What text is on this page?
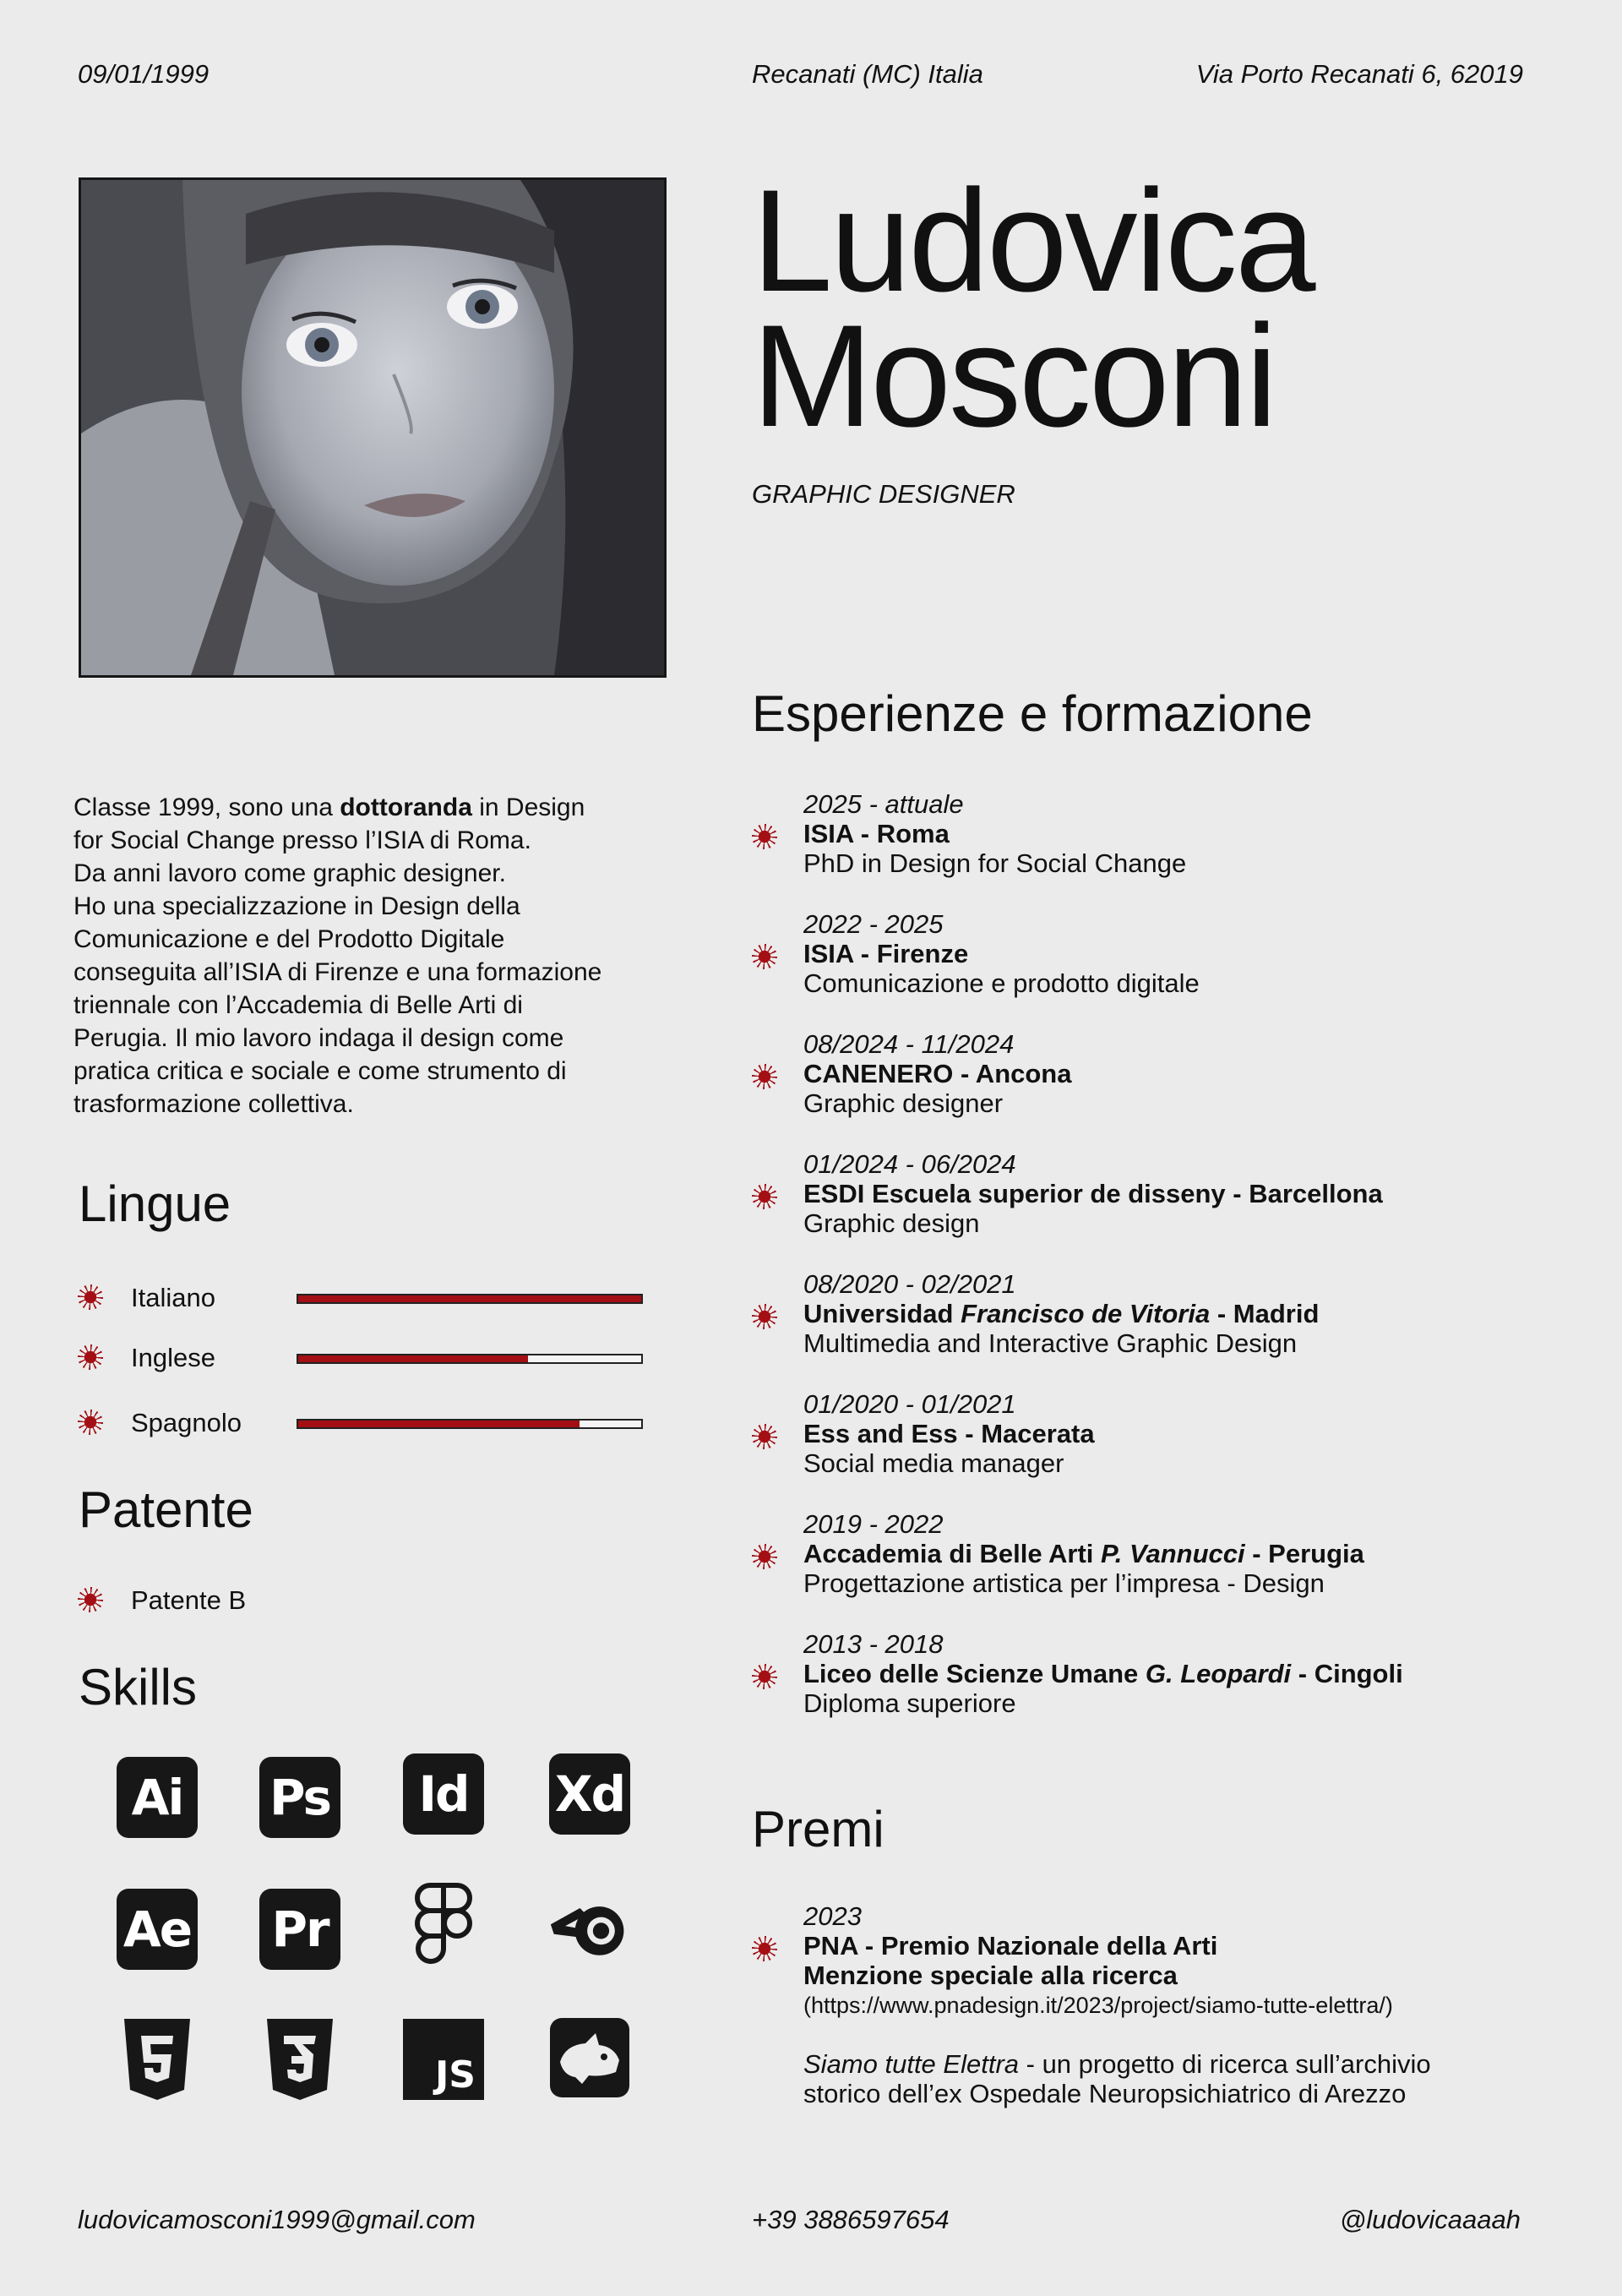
09/01/1999	Recanati (MC) Italia	Via Porto Recanati 6, 62019
Ludovica
Mosconi
GRAPHIC DESIGNER

Classe 1999, sono una dottoranda in Design

for Social Change presso l’ISIA di Roma.

Da anni lavoro come graphic designer.

Ho una specializzazione in Design della

Comunicazione e del Prodotto Digitale

conseguita all’ISIA di Firenze e una formazione

triennale con l’Accademia di Belle Arti di

Perugia. Il mio lavoro indaga il design come

pratica critica e sociale e come strumento di

trasformazione collettiva.

Lingue
Italiano
Inglese
Spagnolo
Patente
Patente B
Skills
Ai	Ps	Id	Xd
Ae Pr
JS
Esperienze e formazione
2025 - attuale
ISIA - Roma
PhD in Design for Social Change
2022 - 2025
ISIA - Firenze
Comunicazione e prodotto digitale
08/2024 - 11/2024
CANENERO - Ancona
Graphic designer
01/2024 - 06/2024
ESDI Escuela superior de disseny - Barcellona
Graphic design
08/2020 - 02/2021
Universidad Francisco de Vitoria - Madrid
Multimedia and Interactive Graphic Design
01/2020 - 01/2021
Ess and Ess - Macerata
Social media manager
2019 - 2022
Accademia di Belle Arti P. Vannucci - Perugia
Progettazione artistica per l’impresa - Design
2013 - 2018
Liceo delle Scienze Umane G. Leopardi - Cingoli
Diploma superiore
Premi
2023
PNA - Premio Nazionale della Arti
Menzione speciale alla ricerca
(https://www.pnadesign.it/2023/project/siamo-tutte-elettra/)
Siamo tutte Elettra - un progetto di ricerca sull’archivio
storico dell’ex Ospedale Neuropsichiatrico di Arezzo
ludovicamosconi1999@gmail.com	+39 3886597654	@ludovicaaaah
